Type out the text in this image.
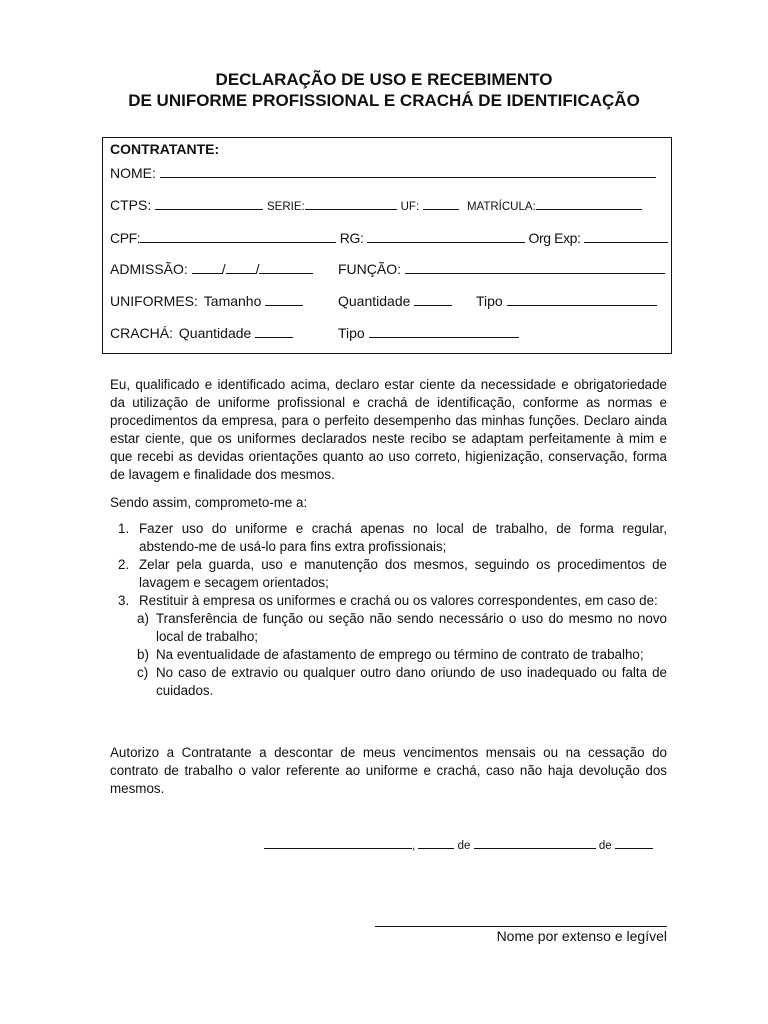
DECLARAÇÃO DE USO E RECEBIMENTO
DE UNIFORME PROFISSIONAL E CRACHÁ DE IDENTIFICAÇÃO
CONTRATANTE:
NOME:
CTPS:	SERIE:	UF:	MATRÍCULA:
CPF:	RG:	Org Exp:
ADMISSÃO: / /	FUNÇÃO:
UNIFORMES: Tamanho	Quantidade	Tipo
CRACHÁ: Quantidade	Tipo

Eu, qualificado e identificado acima, declaro estar ciente da necessidade e obrigatoriedade da utilização de uniforme profissional e crachá de identificação, conforme as normas e procedimentos da empresa, para o perfeito desempenho das minhas funções. Declaro ainda estar ciente, que os uniformes declarados neste recibo se adaptam perfeitamente à mim e que recebi as devidas orientações quanto ao uso correto, higienização, conservação, forma de lavagem e finalidade dos mesmos.

Sendo assim, comprometo-me a:

1. Fazer uso do uniforme e crachá apenas no local de trabalho, de forma regular, abstendo-me de usá-lo para fins extra profissionais;
2. Zelar pela guarda, uso e manutenção dos mesmos, seguindo os procedimentos de lavagem e secagem orientados;
3. Restituir à empresa os uniformes e crachá ou os valores correspondentes, em caso de:
a) Transferência de função ou seção não sendo necessário o uso do mesmo no novo local de trabalho;
b) Na eventualidade de afastamento de emprego ou término de contrato de trabalho;
c) No caso de extravio ou qualquer outro dano oriundo de uso inadequado ou falta de cuidados.

Autorizo a Contratante a descontar de meus vencimentos mensais ou na cessação do contrato de trabalho o valor referente ao uniforme e crachá, caso não haja devolução dos mesmos.

,	de	de
Nome por extenso e legível
